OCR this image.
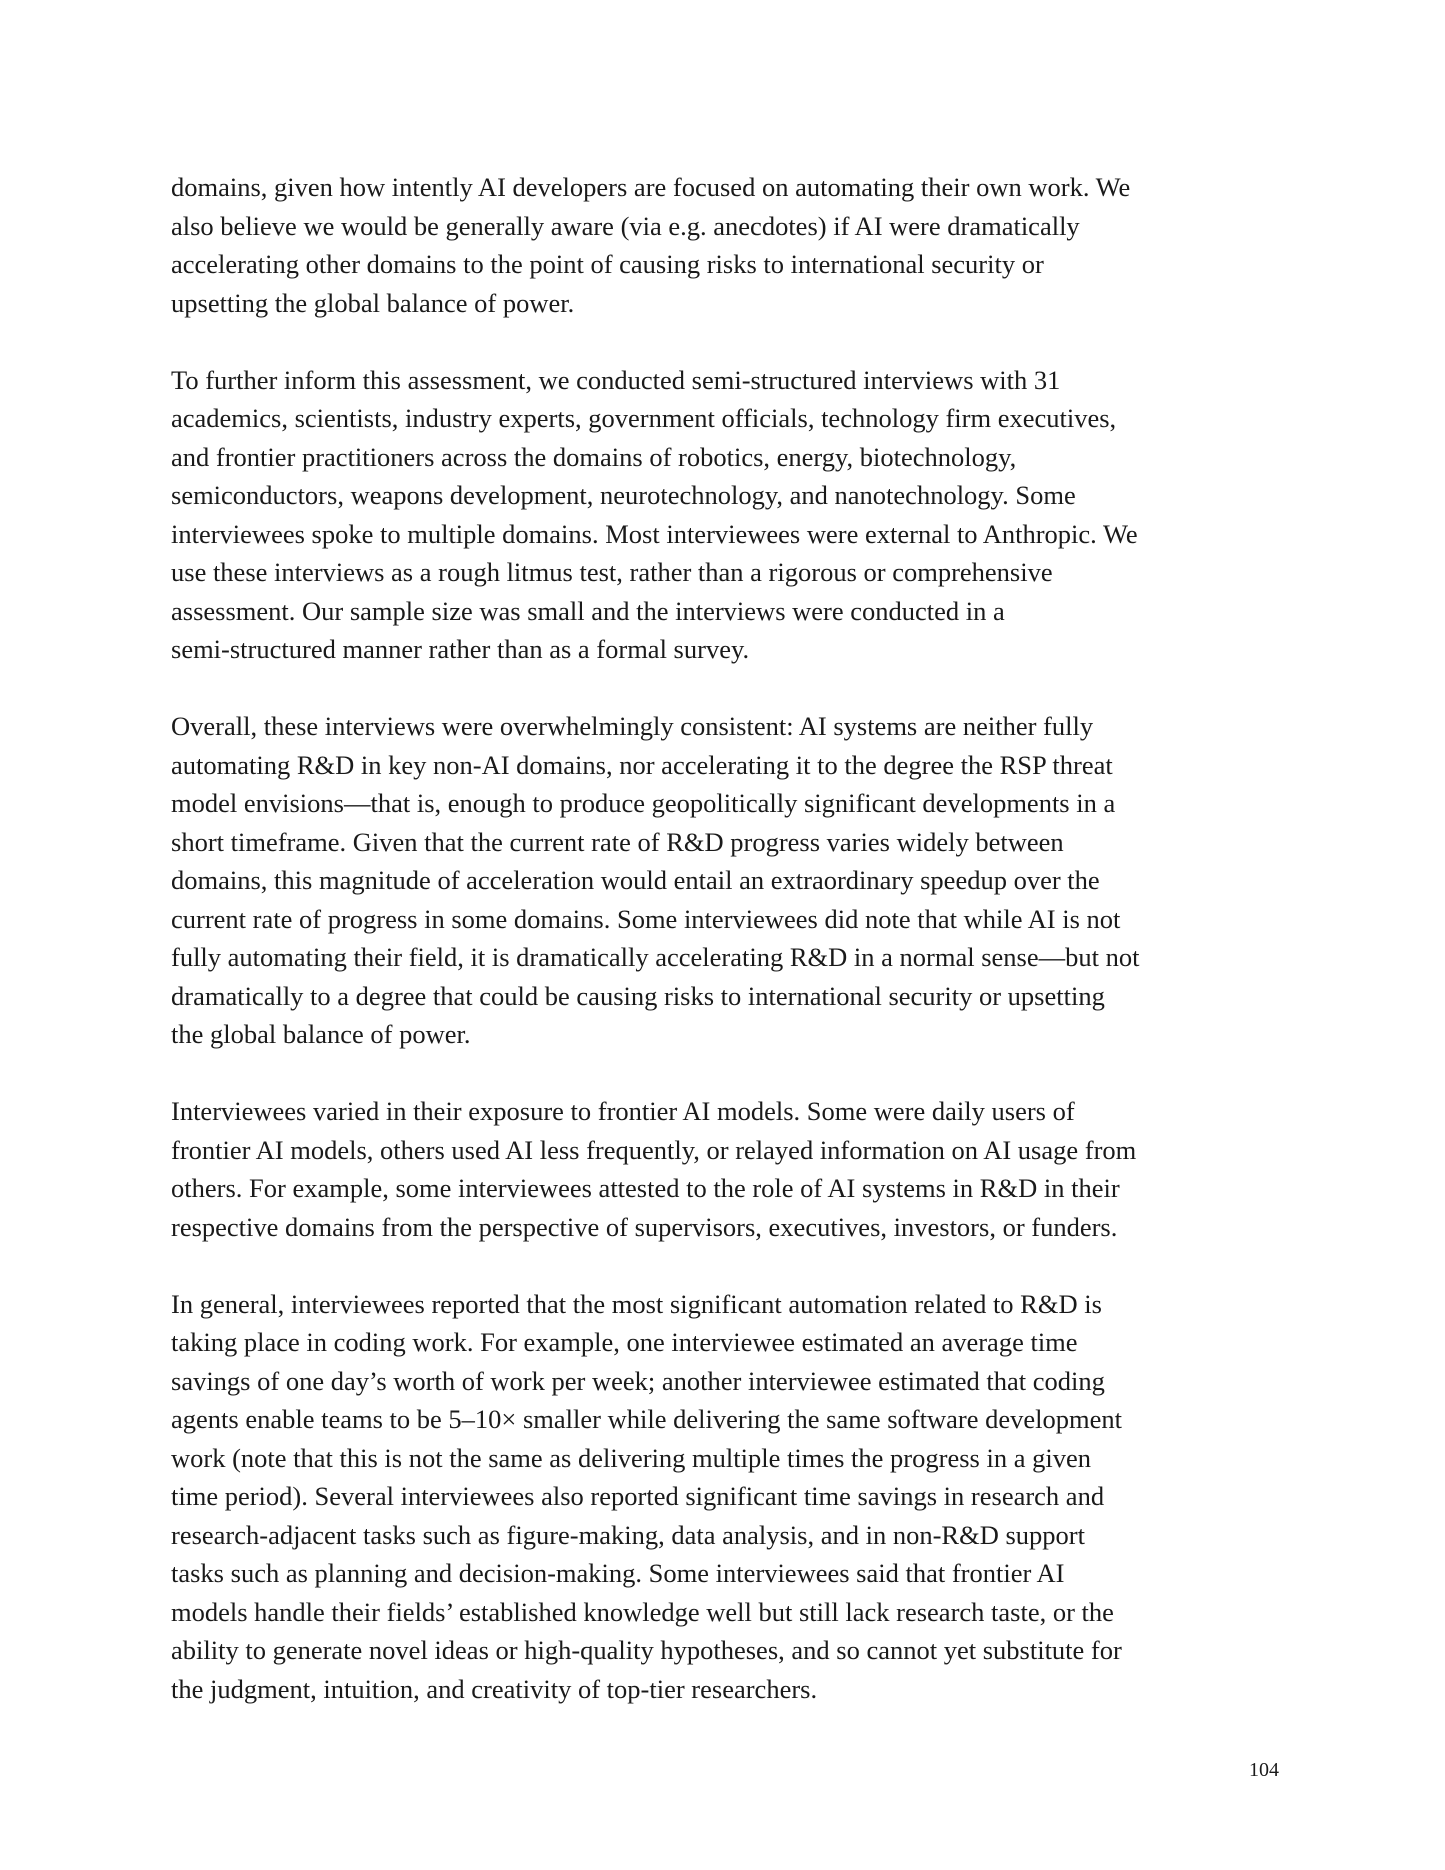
domains, given how intently AI developers are focused on automating their own work. We
also believe we would be generally aware (via e.g. anecdotes) if AI were dramatically
accelerating other domains to the point of causing risks to international security or
upsetting the global balance of power.
To further inform this assessment, we conducted semi-structured interviews with 31
academics, scientists, industry experts, government officials, technology firm executives,
and frontier practitioners across the domains of robotics, energy, biotechnology,
semiconductors, weapons development, neurotechnology, and nanotechnology. Some
interviewees spoke to multiple domains. Most interviewees were external to Anthropic. We
use these interviews as a rough litmus test, rather than a rigorous or comprehensive
assessment. Our sample size was small and the interviews were conducted in a
semi-structured manner rather than as a formal survey.
Overall, these interviews were overwhelmingly consistent: AI systems are neither fully
automating R&D in key non-AI domains, nor accelerating it to the degree the RSP threat
model envisions—that is, enough to produce geopolitically significant developments in a
short timeframe. Given that the current rate of R&D progress varies widely between
domains, this magnitude of acceleration would entail an extraordinary speedup over the
current rate of progress in some domains. Some interviewees did note that while AI is not
fully automating their field, it is dramatically accelerating R&D in a normal sense—but not
dramatically to a degree that could be causing risks to international security or upsetting
the global balance of power.
Interviewees varied in their exposure to frontier AI models. Some were daily users of
frontier AI models, others used AI less frequently, or relayed information on AI usage from
others. For example, some interviewees attested to the role of AI systems in R&D in their
respective domains from the perspective of supervisors, executives, investors, or funders.
In general, interviewees reported that the most significant automation related to R&D is
taking place in coding work. For example, one interviewee estimated an average time
savings of one day’s worth of work per week; another interviewee estimated that coding
agents enable teams to be 5–10× smaller while delivering the same software development
work (note that this is not the same as delivering multiple times the progress in a given
time period). Several interviewees also reported significant time savings in research and
research-adjacent tasks such as figure-making, data analysis, and in non-R&D support
tasks such as planning and decision-making. Some interviewees said that frontier AI
models handle their fields’ established knowledge well but still lack research taste, or the
ability to generate novel ideas or high-quality hypotheses, and so cannot yet substitute for
the judgment, intuition, and creativity of top-tier researchers.
104
